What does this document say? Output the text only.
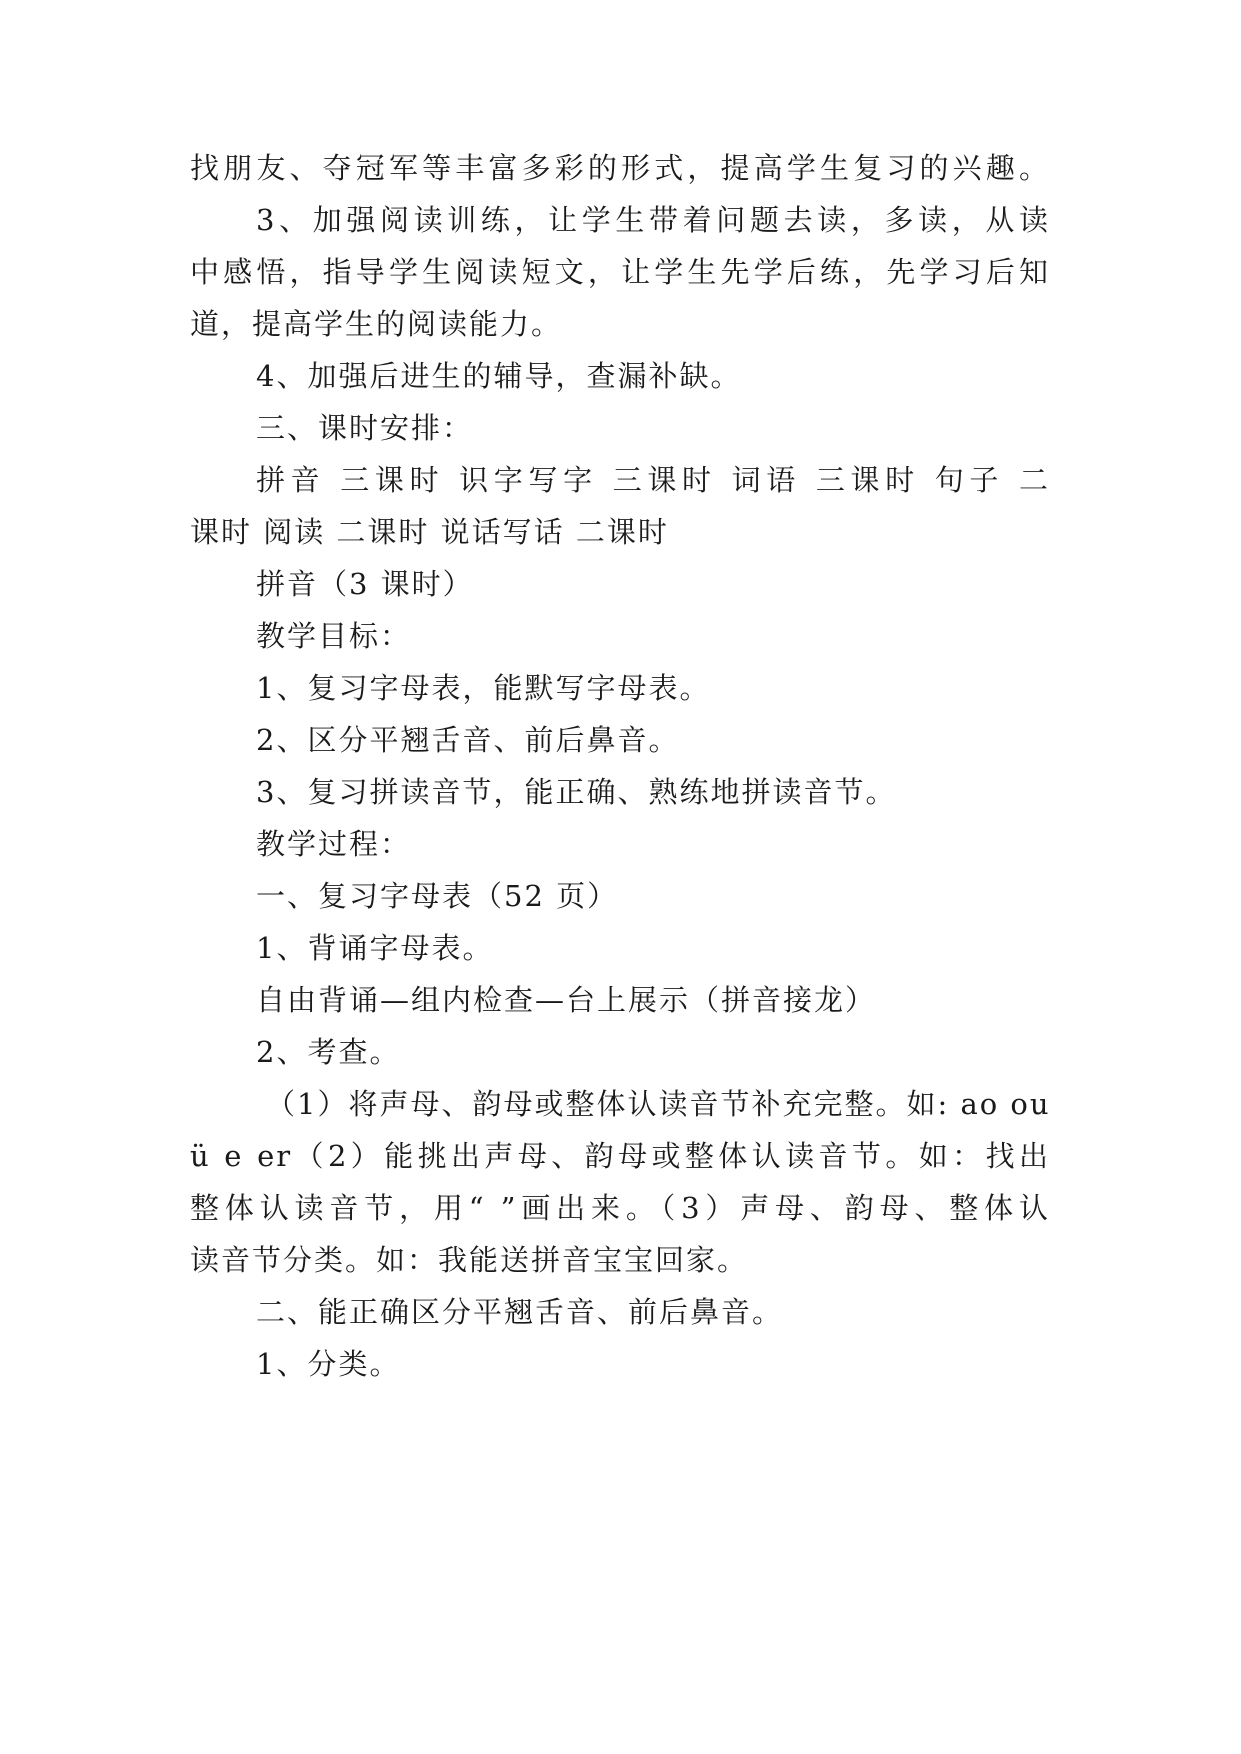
找朋友、夺冠军等丰富多彩的形式，提高学生复习的兴趣。
3、加强阅读训练，让学生带着问题去读，多读，从读
中感悟，指导学生阅读短文，让学生先学后练，先学习后知
道，提高学生的阅读能力。
4、加强后进生的辅导，查漏补缺。
三、课时安排：
拼音 三课时 识字写字 三课时 词语 三课时 句子 二
课时 阅读 二课时 说话写话 二课时
拼音（3 课时）
教学目标：
1、复习字母表，能默写字母表。
2、区分平翘舌音、前后鼻音。
3、复习拼读音节，能正确、熟练地拼读音节。
教学过程：
一、复习字母表（52 页）
1、背诵字母表。
自由背诵—组内检查—台上展示（拼音接龙）
2、考查。
（1）将声母、韵母或整体认读音节补充完整。如: ao ou
ü e er（2）能挑出声母、韵母或整体认读音节。如：找出
整体认读音节，用“ ”画出来。（3）声母、韵母、整体认
读音节分类。如：我能送拼音宝宝回家。
二、能正确区分平翘舌音、前后鼻音。
1、分类。
